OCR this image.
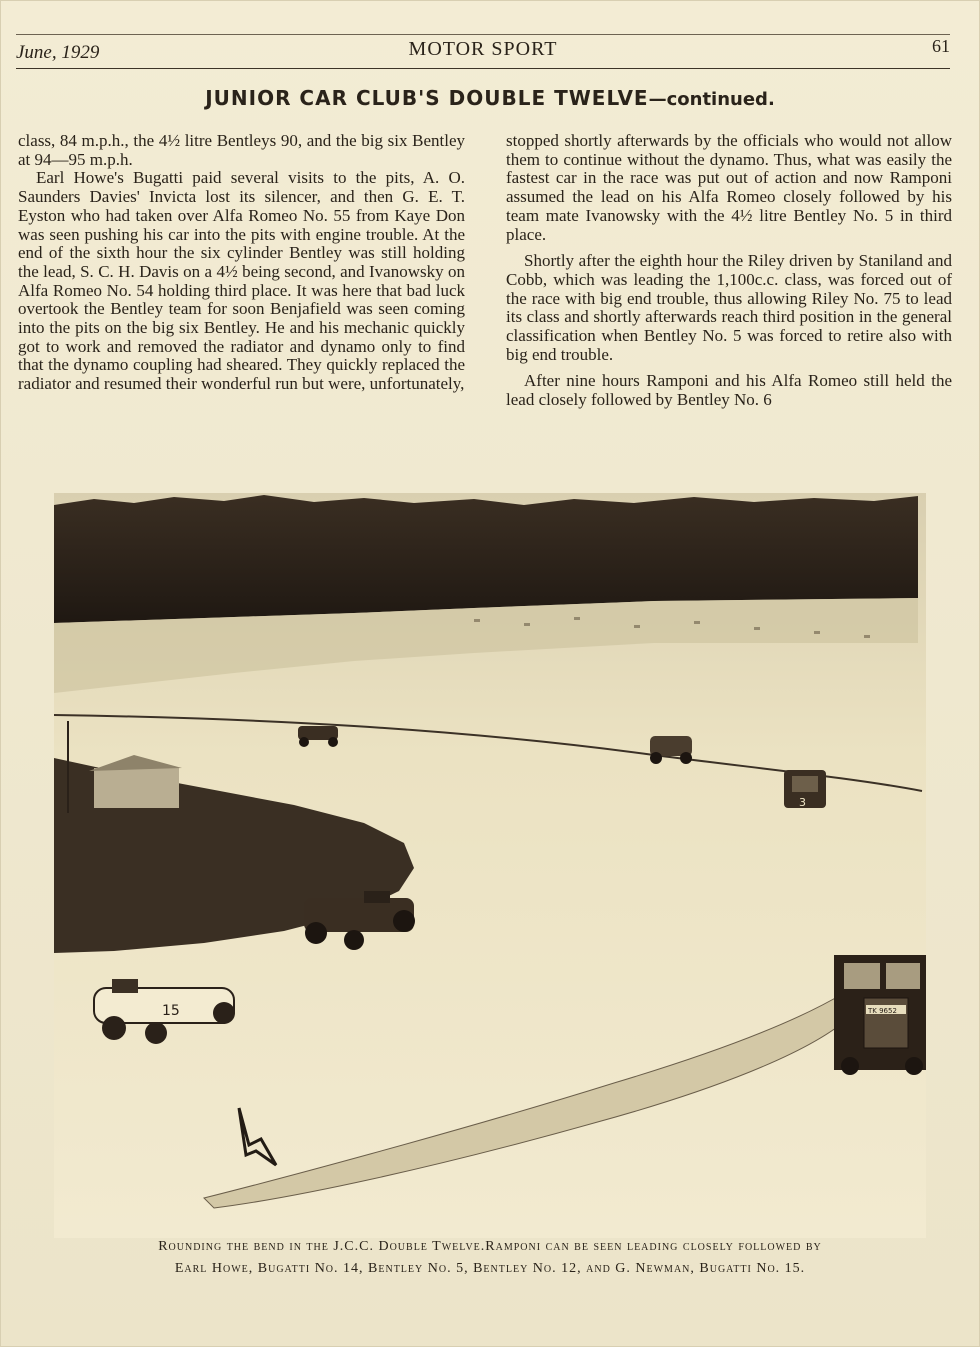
June, 1929	MOTOR SPORT	61
JUNIOR CAR CLUB'S DOUBLE TWELVE—continued.

class, 84 m.p.h., the 4½ litre Bentleys 90, and the big six Bentley at 94—95 m.p.h.

Earl Howe's Bugatti paid several visits to the pits, A. O. Saunders Davies' Invicta lost its silencer, and then G. E. T. Eyston who had taken over Alfa Romeo No. 55 from Kaye Don was seen pushing his car into the pits with engine trouble. At the end of the sixth hour the six cylinder Bentley was still holding the lead, S. C. H. Davis on a 4½ being second, and Ivanowsky on Alfa Romeo No. 54 holding third place. It was here that bad luck overtook the Bentley team for soon Benjafield was seen coming into the pits on the big six Bentley. He and his mechanic quickly got to work and removed the radiator and dynamo only to find that the dynamo coupling had sheared. They quickly replaced the radiator and resumed their wonderful run but were, unfortunately,

stopped shortly afterwards by the officials who would not allow them to continue without the dynamo. Thus, what was easily the fastest car in the race was put out of action and now Ramponi assumed the lead on his Alfa Romeo closely followed by his team mate Ivanowsky with the 4½ litre Bentley No. 5 in third place.

Shortly after the eighth hour the Riley driven by Staniland and Cobb, which was leading the 1,100c.c. class, was forced out of the race with big end trouble, thus allowing Riley No. 75 to lead its class and shortly afterwards reach third position in the general classification when Bentley No. 5 was forced to retire also with big end trouble.

After nine hours Ramponi and his Alfa Romeo still held the lead closely followed by Bentley No. 6

15
3
TK 9652
Rounding the bend in the J.C.C. Double Twelve.Ramponi can be seen leading closely followed by
Earl Howe, Bugatti No. 14, Bentley No. 5, Bentley No. 12, and G. Newman, Bugatti No. 15.
